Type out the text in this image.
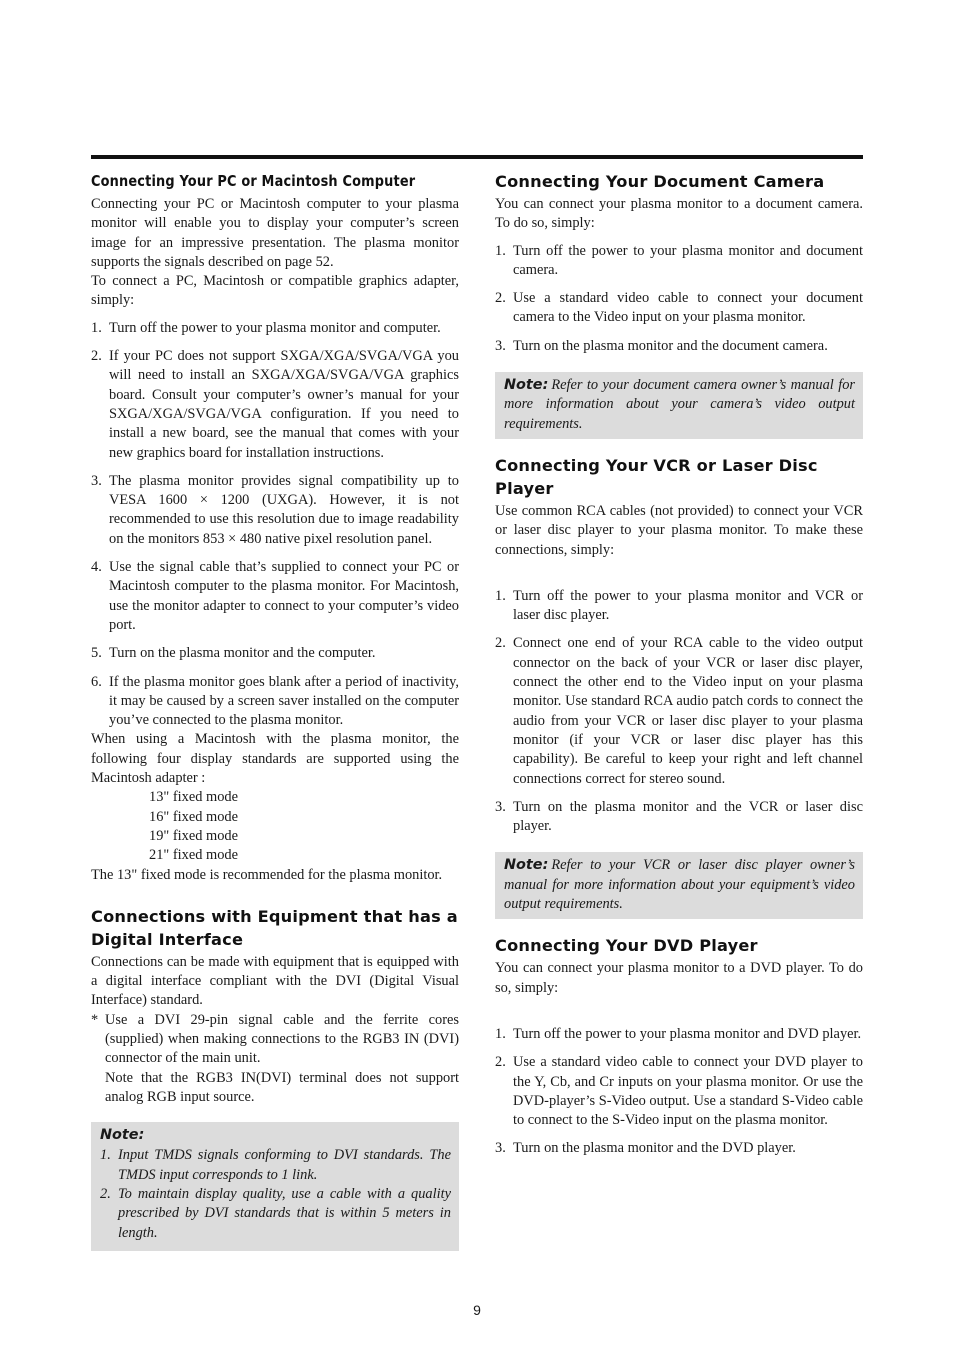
Connecting Your PC or Macintosh Computer

Connecting your PC or Macintosh computer to your plasma monitor will enable you to display your computer’s screen image for an impressive presentation. The plasma monitor supports the signals described on page 52.

To connect a PC, Macintosh or compatible graphics adapter, simply:

1. Turn off the power to your plasma monitor and computer.
2. If your PC does not support SXGA/XGA/SVGA/VGA you will need to install an SXGA/XGA/SVGA/VGA graphics board. Consult your computer’s owner’s manual for your SXGA/XGA/SVGA/VGA configuration. If you need to install a new board, see the manual that comes with your new graphics board for installation instructions.
3. The plasma monitor provides signal compatibility up to VESA 1600 × 1200 (UXGA). However, it is not recommended to use this resolution due to image readability on the monitors 853 × 480 native pixel resolution panel.
4. Use the signal cable that’s supplied to connect your PC or Macintosh computer to the plasma monitor. For Macintosh, use the monitor adapter to connect to your computer’s video port.
5. Turn on the plasma monitor and the computer.
6. If the plasma monitor goes blank after a period of inactivity, it may be caused by a screen saver installed on the computer you’ve connected to the plasma monitor.

When using a Macintosh with the plasma monitor, the following four display standards are supported using the Macintosh adapter :

13" fixed mode
16" fixed mode
19" fixed mode
21" fixed mode

The 13" fixed mode is recommended for the plasma monitor.

Connections with Equipment that has a Digital Interface

Connections can be made with equipment that is equipped with a digital interface compliant with the DVI (Digital Visual Interface) standard.

* Use a DVI 29-pin signal cable and the ferrite cores (supplied) when making connections to the RGB3 IN (DVI) connector of the main unit.
Note that the RGB3 IN(DVI) terminal does not support analog RGB input source.
Note:
1. Input TMDS signals conforming to DVI standards. The TMDS input corresponds to 1 link.
2. To maintain display quality, use a cable with a quality prescribed by DVI standards that is within 5 meters in length.
Connecting Your Document Camera

You can connect your plasma monitor to a document camera. To do so, simply:

1. Turn off the power to your plasma monitor and document camera.
2. Use a standard video cable to connect your document camera to the Video input on your plasma monitor.
3. Turn on the plasma monitor and the document camera.
Note: Refer to your document camera owner’s manual for more information about your camera’s video output requirements.
Connecting Your VCR or Laser Disc Player

Use common RCA cables (not provided) to connect your VCR or laser disc player to your plasma monitor. To make these connections, simply:

1. Turn off the power to your plasma monitor and VCR or laser disc player.
2. Connect one end of your RCA cable to the video output connector on the back of your VCR or laser disc player, connect the other end to the Video input on your plasma monitor. Use standard RCA audio patch cords to connect the audio from your VCR or laser disc player to your plasma monitor (if your VCR or laser disc player has this capability). Be careful to keep your right and left channel connections correct for stereo sound.
3. Turn on the plasma monitor and the VCR or laser disc player.
Note: Refer to your VCR or laser disc player owner’s manual for more information about your equipment’s video output requirements.
Connecting Your DVD Player

You can connect your plasma monitor to a DVD player. To do so, simply:

1. Turn off the power to your plasma monitor and DVD player.
2. Use a standard video cable to connect your DVD player to the Y, Cb, and Cr inputs on your plasma monitor. Or use the DVD-player’s S-Video output. Use a standard S-Video cable to connect to the S-Video input on the plasma monitor.
3. Turn on the plasma monitor and the DVD player.
9
